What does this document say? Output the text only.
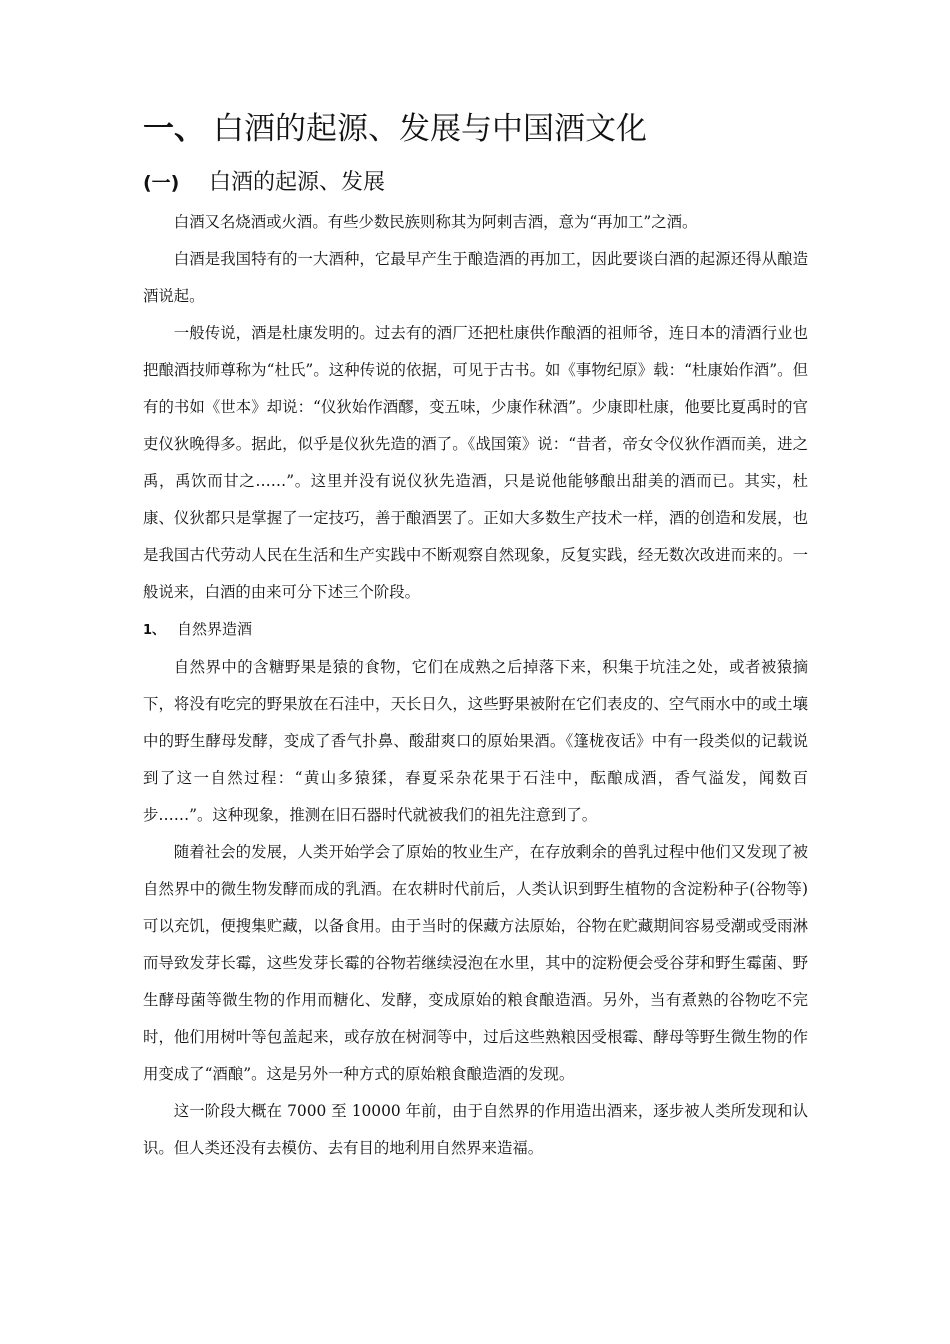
一、 白酒的起源、发展与中国酒文化
(一) 白酒的起源、发展

白酒又名烧酒或火酒。有些少数民族则称其为阿剌吉酒，意为“再加工”之酒。

白酒是我国特有的一大酒种，它最早产生于酿造酒的再加工，因此要谈白酒的起源还得从酿造酒说起。

一般传说，酒是杜康发明的。过去有的酒厂还把杜康供作酿酒的祖师爷，连日本的清酒行业也把酿酒技师尊称为“杜氏”。这种传说的依据，可见于古书。如《事物纪原》载：“杜康始作酒”。但有的书如《世本》却说：“仪狄始作酒醪，变五味，少康作秫酒”。少康即杜康，他要比夏禹时的官吏仪狄晚得多。据此，似乎是仪狄先造的酒了。《战国策》说：“昔者，帝女令仪狄作酒而美，进之禹，禹饮而甘之……”。这里并没有说仪狄先造酒，只是说他能够酿出甜美的酒而已。其实，杜康、仪狄都只是掌握了一定技巧，善于酿酒罢了。正如大多数生产技术一样，酒的创造和发展，也是我国古代劳动人民在生活和生产实践中不断观察自然现象，反复实践，经无数次改进而来的。一般说来，白酒的由来可分下述三个阶段。

1、 自然界造酒

自然界中的含糖野果是猿的食物，它们在成熟之后掉落下来，积集于坑洼之处，或者被猿摘下，将没有吃完的野果放在石洼中，天长日久，这些野果被附在它们表皮的、空气雨水中的或土壤中的野生酵母发酵，变成了香气扑鼻、酸甜爽口的原始果酒。《篷栊夜话》中有一段类似的记载说到了这一自然过程：“黄山多猿猱，春夏采杂花果于石洼中，酝酿成酒，香气溢发，闻数百步……”。这种现象，推测在旧石器时代就被我们的祖先注意到了。

随着社会的发展，人类开始学会了原始的牧业生产，在存放剩余的兽乳过程中他们又发现了被自然界中的微生物发酵而成的乳酒。在农耕时代前后，人类认识到野生植物的含淀粉种子(谷物等)可以充饥，便搜集贮藏，以备食用。由于当时的保藏方法原始，谷物在贮藏期间容易受潮或受雨淋而导致发芽长霉，这些发芽长霉的谷物若继续浸泡在水里，其中的淀粉便会受谷芽和野生霉菌、野生酵母菌等微生物的作用而糖化、发酵，变成原始的粮食酿造酒。另外，当有煮熟的谷物吃不完时，他们用树叶等包盖起来，或存放在树洞等中，过后这些熟粮因受根霉、酵母等野生微生物的作用变成了“酒酿”。这是另外一种方式的原始粮食酿造酒的发现。

这一阶段大概在 7000 至 10000 年前，由于自然界的作用造出酒来，逐步被人类所发现和认识。但人类还没有去模仿、去有目的地利用自然界来造福。
